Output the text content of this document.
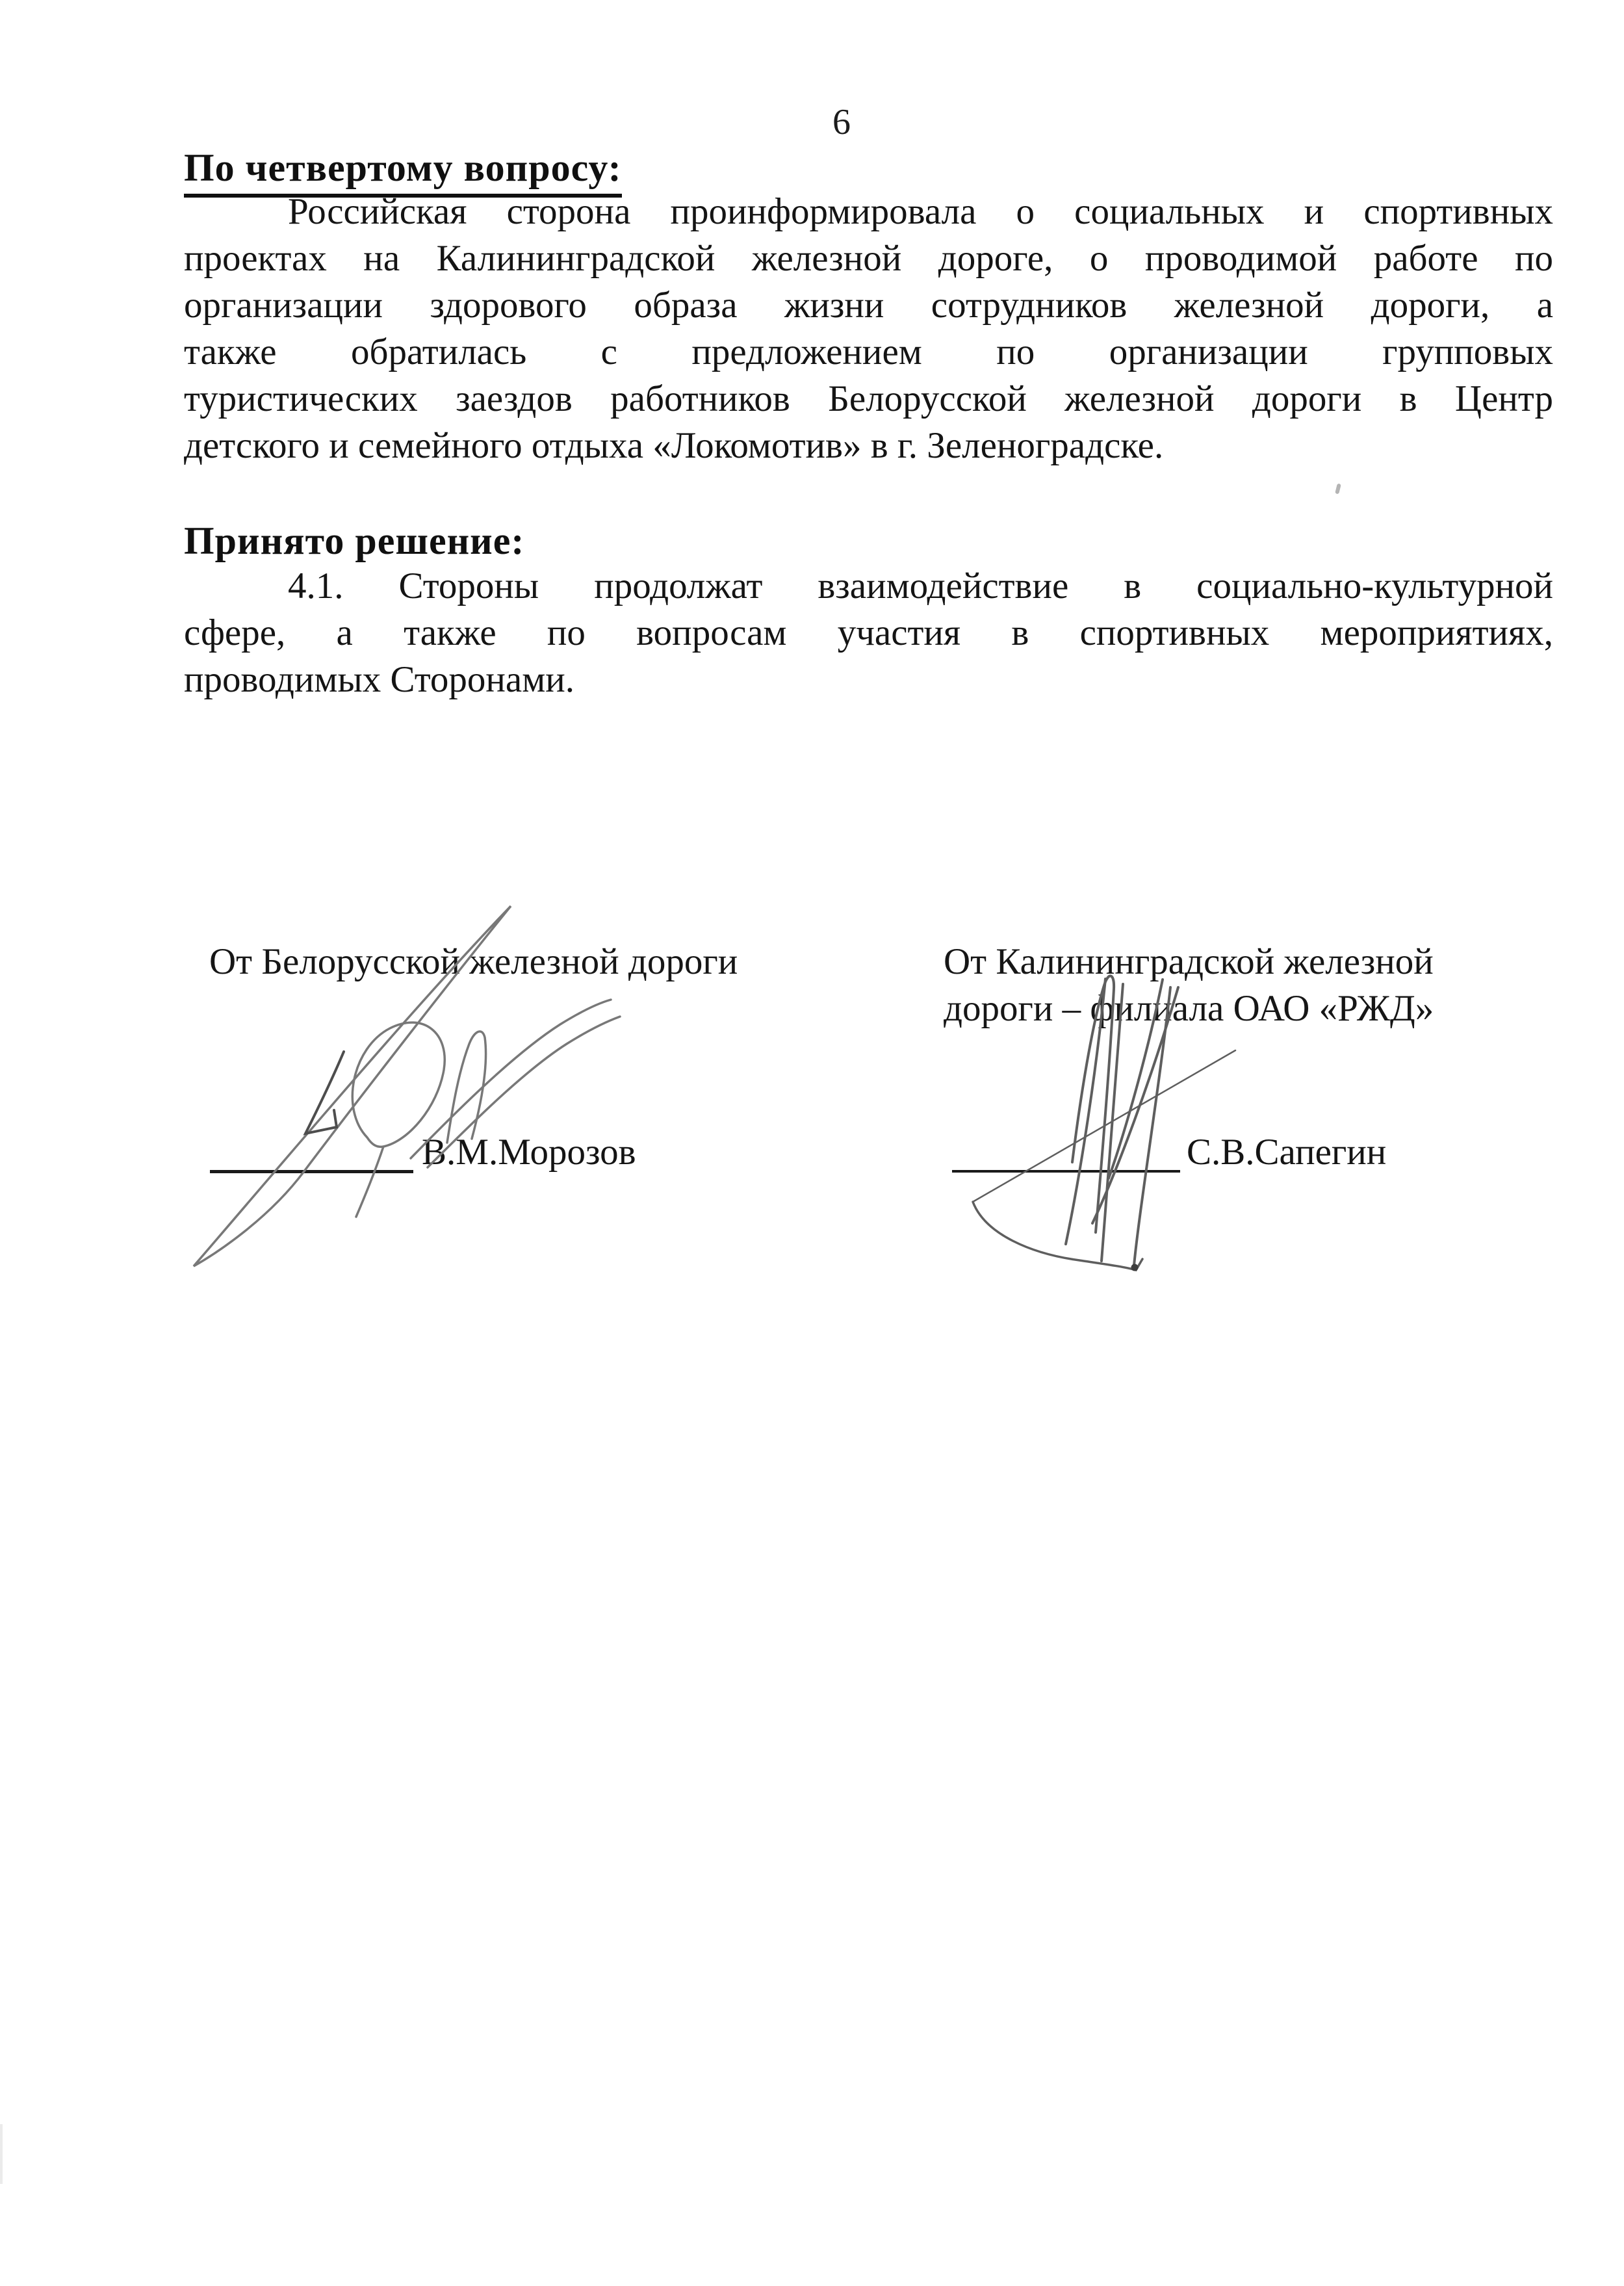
6
По четвертому вопросу:
Российская сторона проинформировала о социальных и спортивных
проектах на Калининградской железной дороге, о проводимой работе по
организации здорового образа жизни сотрудников железной дороги, а
также обратилась с предложением по организации групповых
туристических заездов работников Белорусской железной дороги в Центр
детского и семейного отдыха «Локомотив» в г. Зеленоградске.
Принято решение:
4.1. Стороны продолжат взаимодействие в социально-культурной
сфере, а также по вопросам участия в спортивных мероприятиях,
проводимых Сторонами.
От Белорусской железной дороги	От Калининградской железной
дороги – филиала ОАО «РЖД»
В.М.Морозов	С.В.Сапегин
